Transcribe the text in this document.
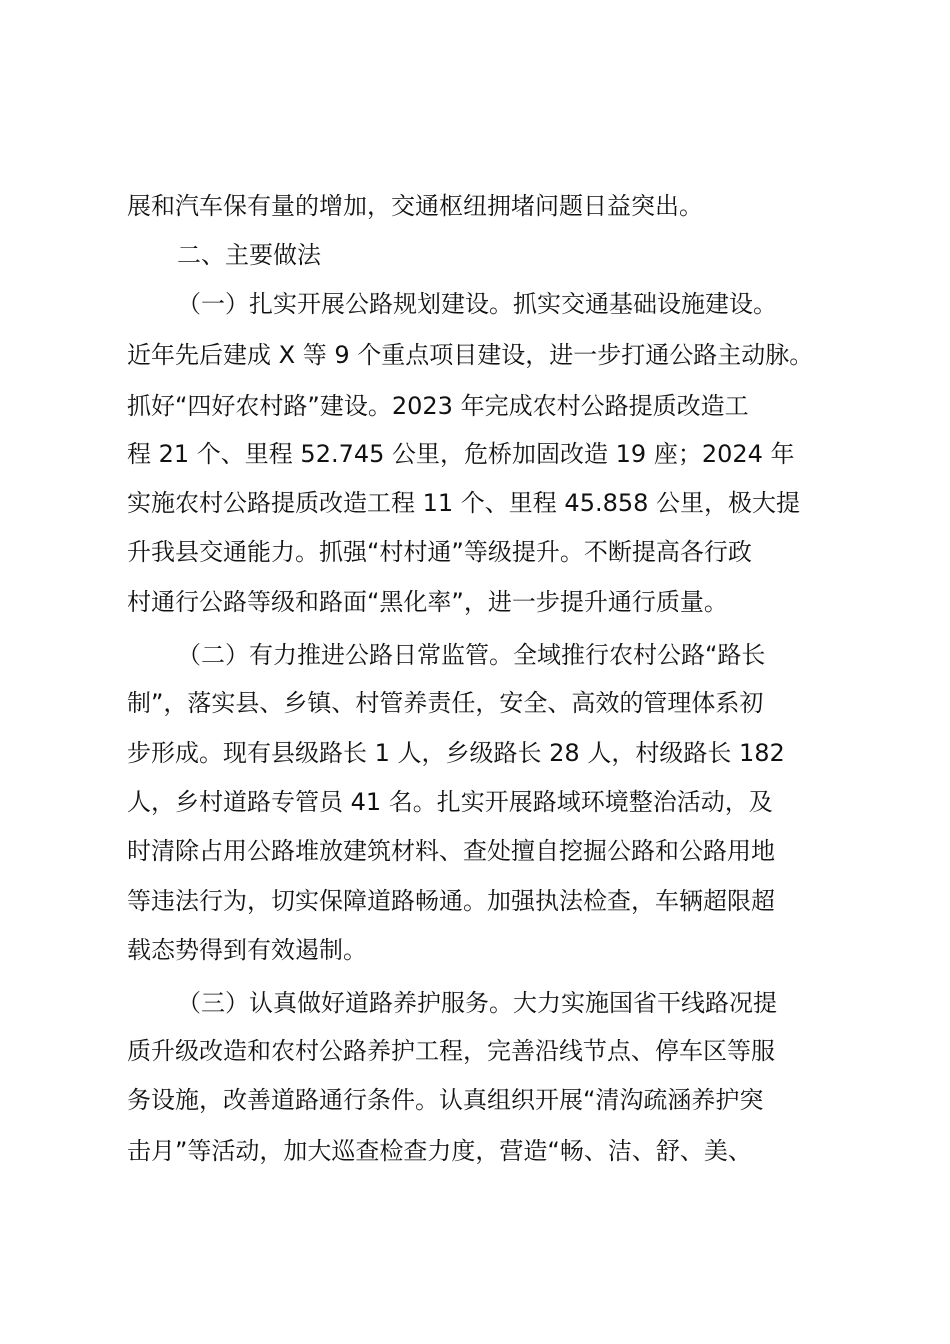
展和汽车保有量的增加，交通枢纽拥堵问题日益突出。
二、主要做法
（一）扎实开展公路规划建设。抓实交通基础设施建设。
近年先后建成 X 等 9 个重点项目建设，进一步打通公路主动脉。
抓好“四好农村路”建设。2023 年完成农村公路提质改造工
程 21 个、里程 52.745 公里，危桥加固改造 19 座；2024 年
实施农村公路提质改造工程 11 个、里程 45.858 公里，极大提
升我县交通能力。抓强“村村通”等级提升。不断提高各行政
村通行公路等级和路面“黑化率”，进一步提升通行质量。
（二）有力推进公路日常监管。全域推行农村公路“路长
制”，落实县、乡镇、村管养责任，安全、高效的管理体系初
步形成。现有县级路长 1 人，乡级路长 28 人，村级路长 182
人，乡村道路专管员 41 名。扎实开展路域环境整治活动，及
时清除占用公路堆放建筑材料、查处擅自挖掘公路和公路用地
等违法行为，切实保障道路畅通。加强执法检查，车辆超限超
载态势得到有效遏制。
（三）认真做好道路养护服务。大力实施国省干线路况提
质升级改造和农村公路养护工程，完善沿线节点、停车区等服
务设施，改善道路通行条件。认真组织开展“清沟疏涵养护突
击月”等活动，加大巡查检查力度，营造“畅、洁、舒、美、
